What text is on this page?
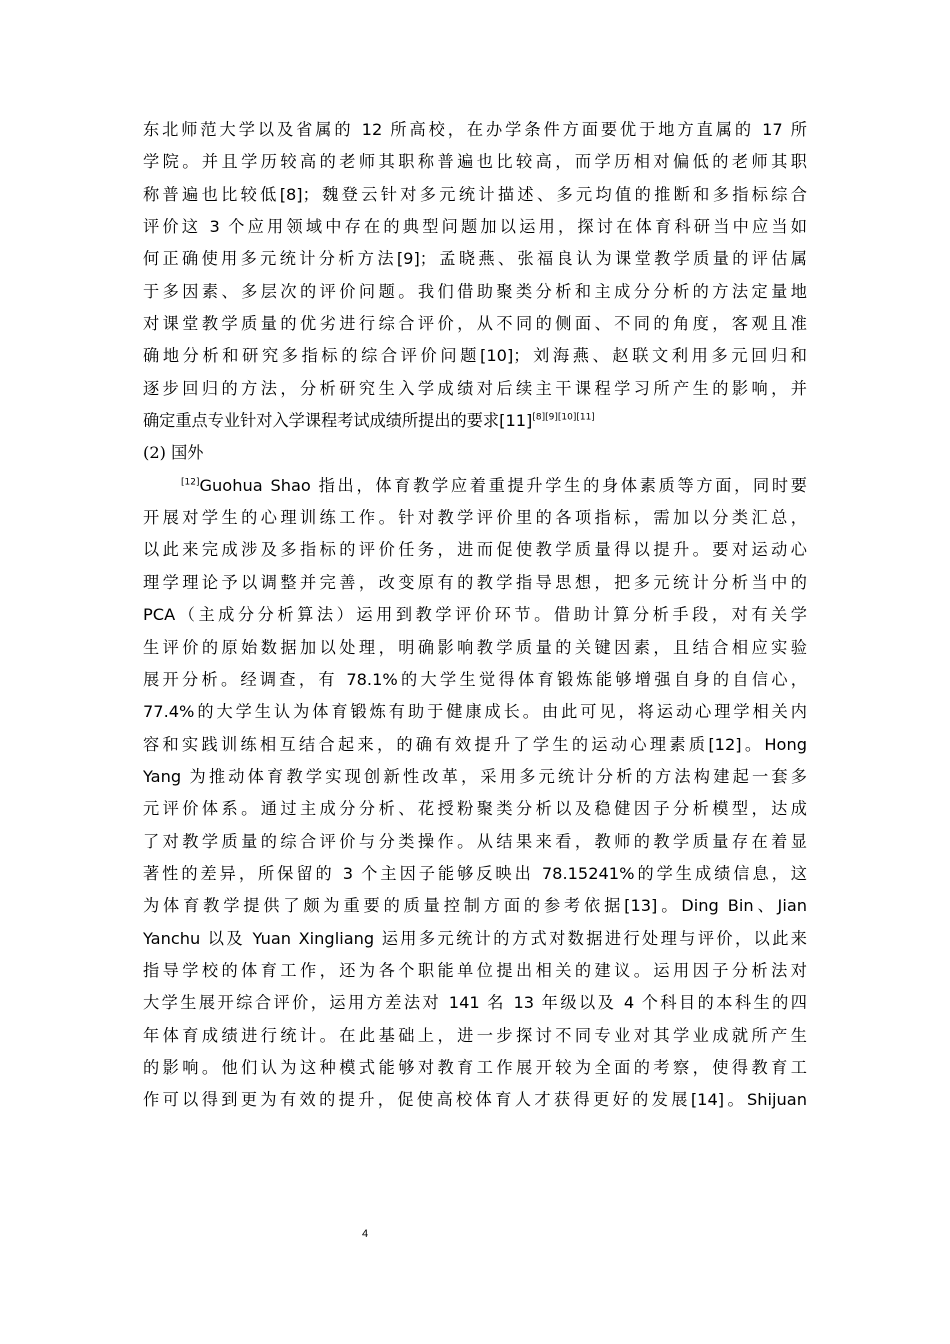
东北师范大学以及省属的 12 所高校，在办学条件方面要优于地方直属的 17 所
学院。并且学历较高的老师其职称普遍也比较高，而学历相对偏低的老师其职
称普遍也比较低[8]；魏登云针对多元统计描述、多元均值的推断和多指标综合
评价这 3 个应用领域中存在的典型问题加以运用，探讨在体育科研当中应当如
何正确使用多元统计分析方法[9]；孟晓燕、张福良认为课堂教学质量的评估属
于多因素、多层次的评价问题。我们借助聚类分析和主成分分析的方法定量地
对课堂教学质量的优劣进行综合评价，从不同的侧面、不同的角度，客观且准
确地分析和研究多指标的综合评价问题[10]；刘海燕、赵联文利用多元回归和
逐步回归的方法，分析研究生入学成绩对后续主干课程学习所产生的影响，并
确定重点专业针对入学课程考试成绩所提出的要求[11][8][9][10][11]
(2) 国外
[12]Guohua Shao 指出，体育教学应着重提升学生的身体素质等方面，同时要
开展对学生的心理训练工作。针对教学评价里的各项指标，需加以分类汇总，
以此来完成涉及多指标的评价任务，进而促使教学质量得以提升。要对运动心
理学理论予以调整并完善，改变原有的教学指导思想，把多元统计分析当中的
PCA（主成分分析算法）运用到教学评价环节。借助计算分析手段，对有关学
生评价的原始数据加以处理，明确影响教学质量的关键因素，且结合相应实验
展开分析。经调查，有 78.1%的大学生觉得体育锻炼能够增强自身的自信心，
77.4%的大学生认为体育锻炼有助于健康成长。由此可见，将运动心理学相关内
容和实践训练相互结合起来，的确有效提升了学生的运动心理素质[12]。Hong
Yang 为推动体育教学实现创新性改革，采用多元统计分析的方法构建起一套多
元评价体系。通过主成分分析、花授粉聚类分析以及稳健因子分析模型，达成
了对教学质量的综合评价与分类操作。从结果来看，教师的教学质量存在着显
著性的差异，所保留的 3 个主因子能够反映出 78.15241%的学生成绩信息，这
为体育教学提供了颇为重要的质量控制方面的参考依据[13]。Ding Bin、Jian
Yanchu 以及 Yuan Xingliang 运用多元统计的方式对数据进行处理与评价，以此来
指导学校的体育工作，还为各个职能单位提出相关的建议。运用因子分析法对
大学生展开综合评价，运用方差法对 141 名 13 年级以及 4 个科目的本科生的四
年体育成绩进行统计。在此基础上，进一步探讨不同专业对其学业成就所产生
的影响。他们认为这种模式能够对教育工作展开较为全面的考察，使得教育工
作可以得到更为有效的提升，促使高校体育人才获得更好的发展[14]。Shijuan
4
